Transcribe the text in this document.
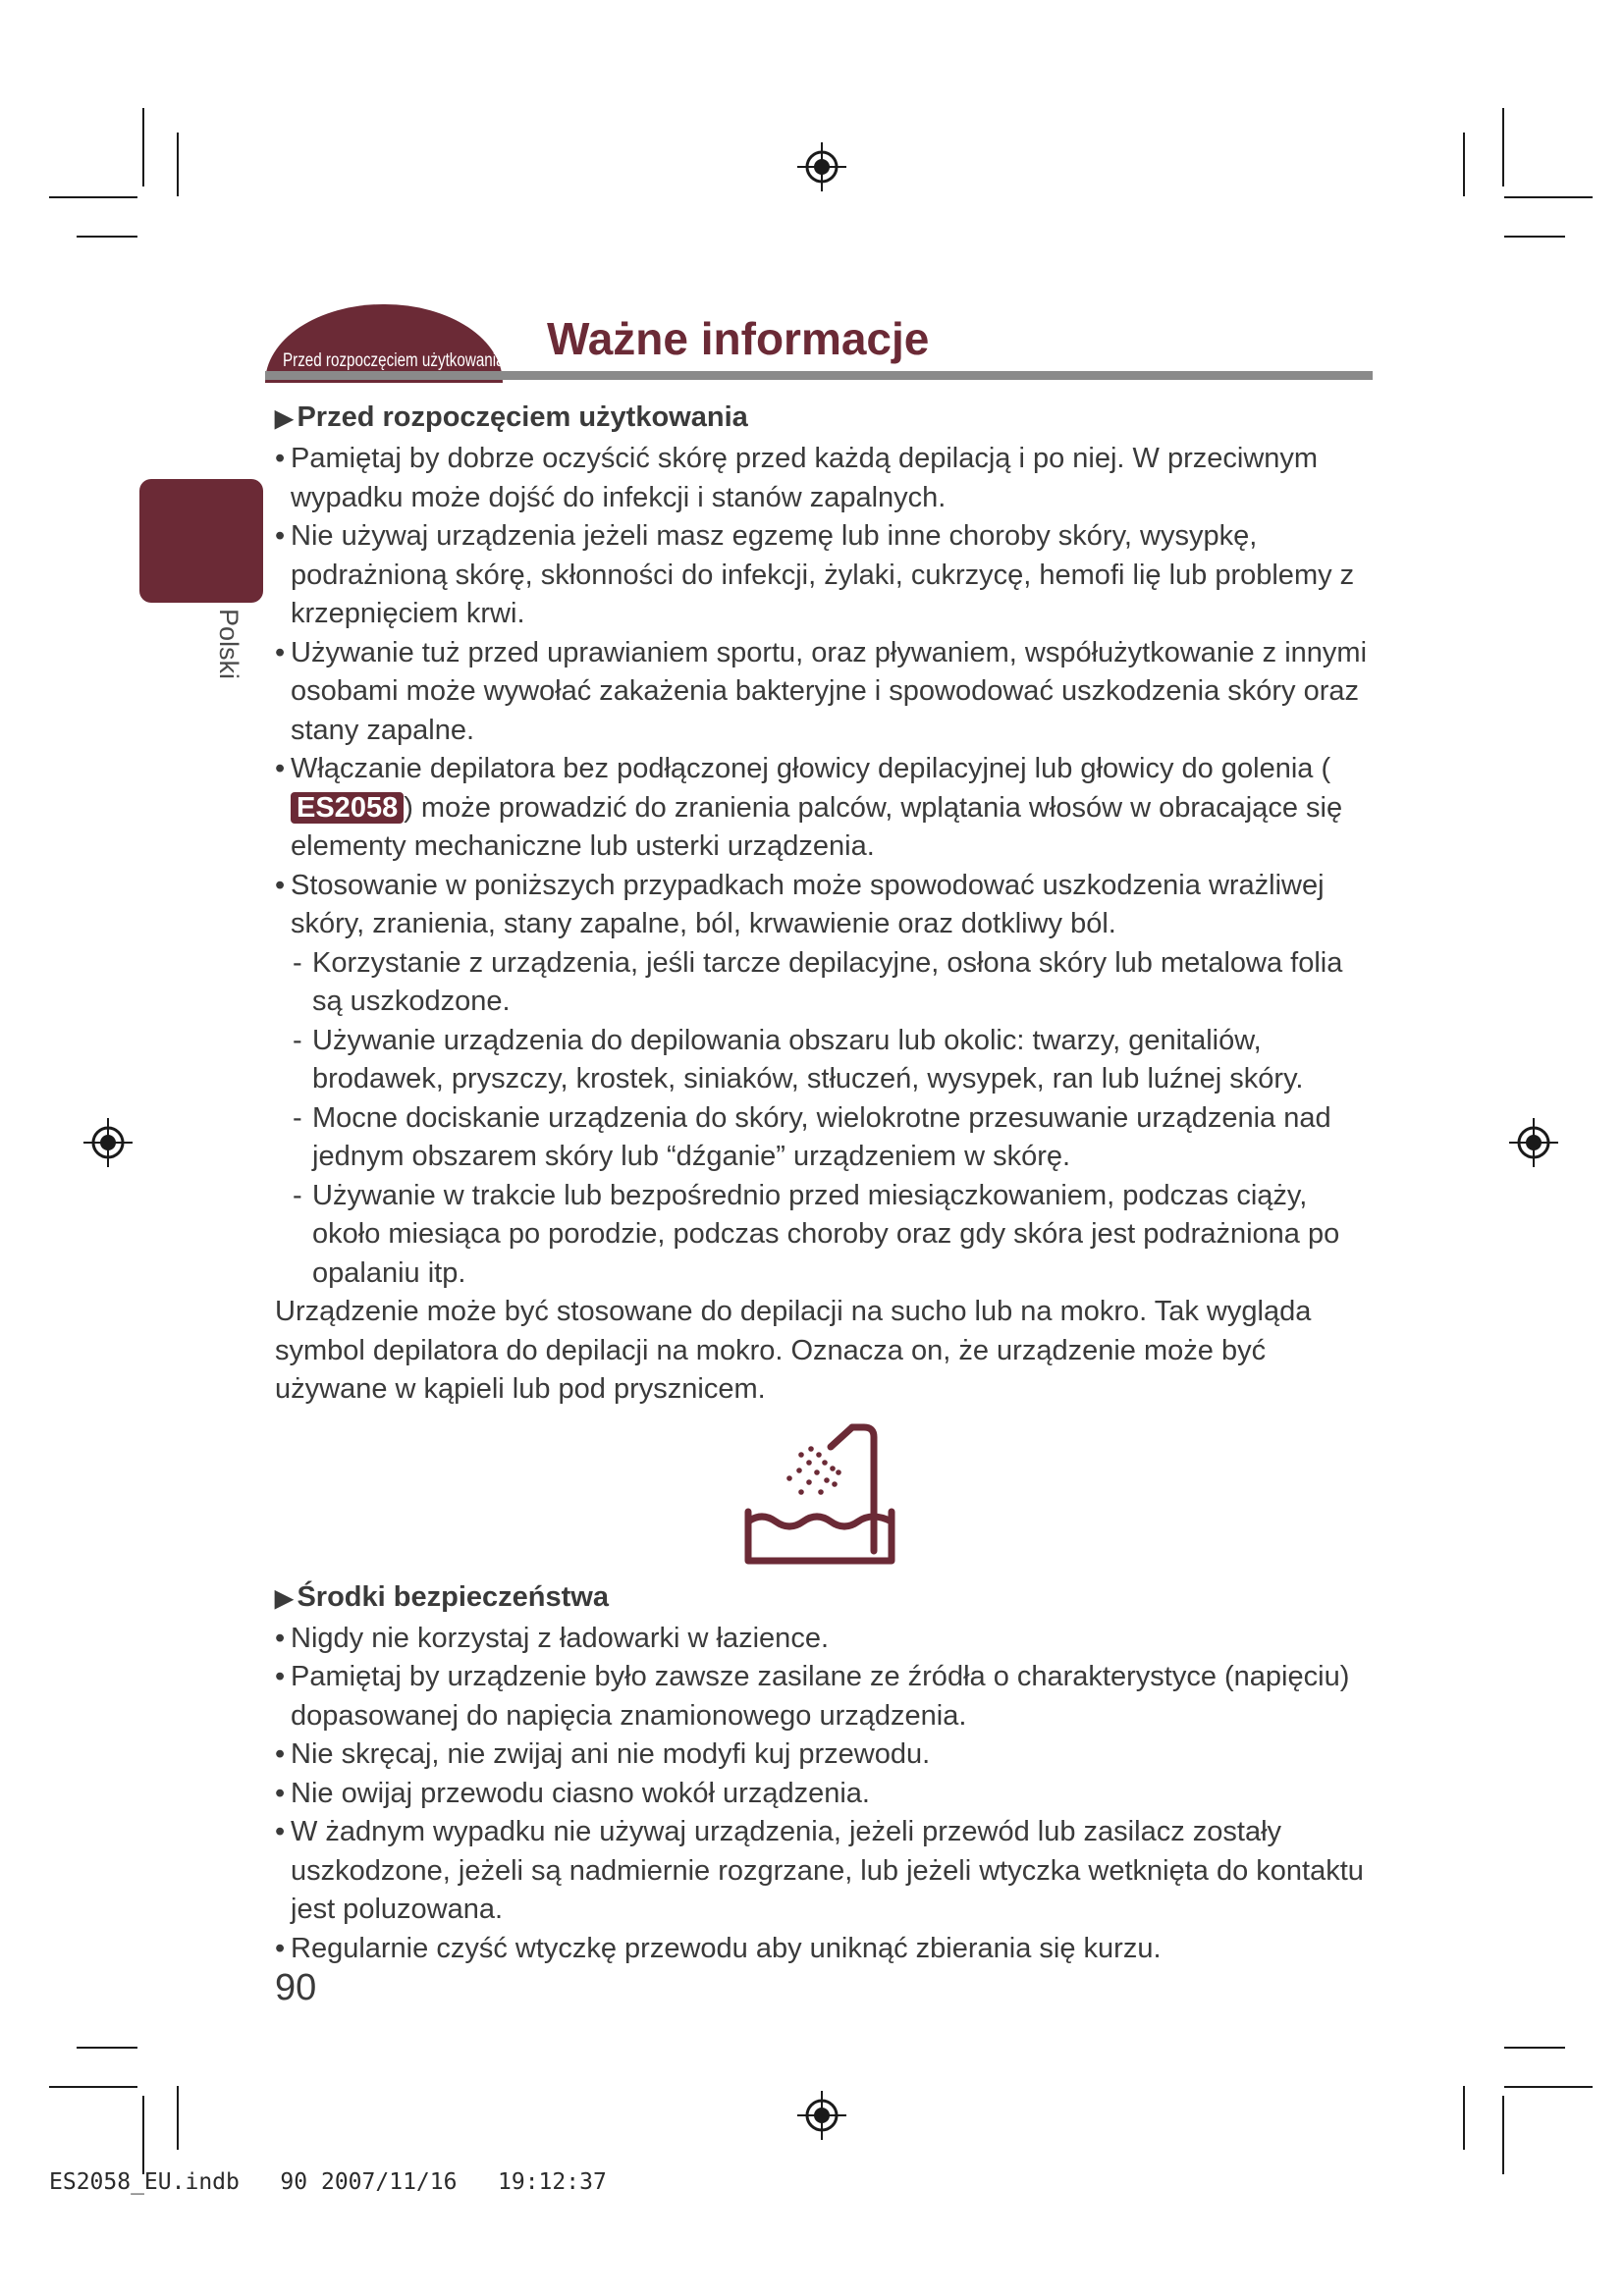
Przed rozpoczęciem użytkowania Ważne informacje
Polski

▶ Przed rozpoczęciem użytkowania

• Pamiętaj by dobrze oczyścić skórę przed każdą depilacją i po niej. W przeciwnym wypadku może dojść do infekcji i stanów zapalnych.

• Nie używaj urządzenia jeżeli masz egzemę lub inne choroby skóry, wysypkę, podrażnioną skórę, skłonności do infekcji, żylaki, cukrzycę, hemofi lię lub problemy z krzepnięciem krwi.

• Używanie tuż przed uprawianiem sportu, oraz pływaniem, współużytkowanie z innymi osobami może wywołać zakażenia bakteryjne i spowodować uszkodzenia skóry oraz stany zapalne.

• Włączanie depilatora bez podłączonej głowicy depilacyjnej lub głowicy do golenia (ES2058 ) może prowadzić do zranienia palców, wplątania włosów w obracające się elementy mechaniczne lub usterki urządzenia.

• Stosowanie w poniższych przypadkach może spowodować uszkodzenia wrażliwej skóry, zranienia, stany zapalne, ból, krwawienie oraz dotkliwy ból.

- Korzystanie z urządzenia, jeśli tarcze depilacyjne, osłona skóry lub metalowa folia są uszkodzone.

- Używanie urządzenia do depilowania obszaru lub okolic: twarzy, genitaliów, brodawek, pryszczy, krostek, siniaków, stłuczeń, wysypek, ran lub luźnej skóry.

- Mocne dociskanie urządzenia do skóry, wielokrotne przesuwanie urządzenia nad jednym obszarem skóry lub “dźganie” urządzeniem w skórę.

- Używanie w trakcie lub bezpośrednio przed miesiączkowaniem, podczas ciąży, około miesiąca po porodzie, podczas choroby oraz gdy skóra jest podrażniona po opalaniu itp.

Urządzenie może być stosowane do depilacji na sucho lub na mokro. Tak wygląda symbol depilatora do depilacji na mokro. Oznacza on, że urządzenie może być używane w kąpieli lub pod prysznicem.

▶ Środki bezpieczeństwa

• Nigdy nie korzystaj z ładowarki w łazience.

• Pamiętaj by urządzenie było zawsze zasilane ze źródła o charakterystyce (napięciu) dopasowanej do napięcia znamionowego urządzenia.

• Nie skręcaj, nie zwijaj ani nie modyfi kuj przewodu.

• Nie owijaj przewodu ciasno wokół urządzenia.

• W żadnym wypadku nie używaj urządzenia, jeżeli przewód lub zasilacz zostały uszkodzone, jeżeli są nadmiernie rozgrzane, lub jeżeli wtyczka wetknięta do kontaktu jest poluzowana.

• Regularnie czyść wtyczkę przewodu aby uniknąć zbierania się kurzu.

90
ES2058_EU.indb 90 2007/11/16 19:12:37
